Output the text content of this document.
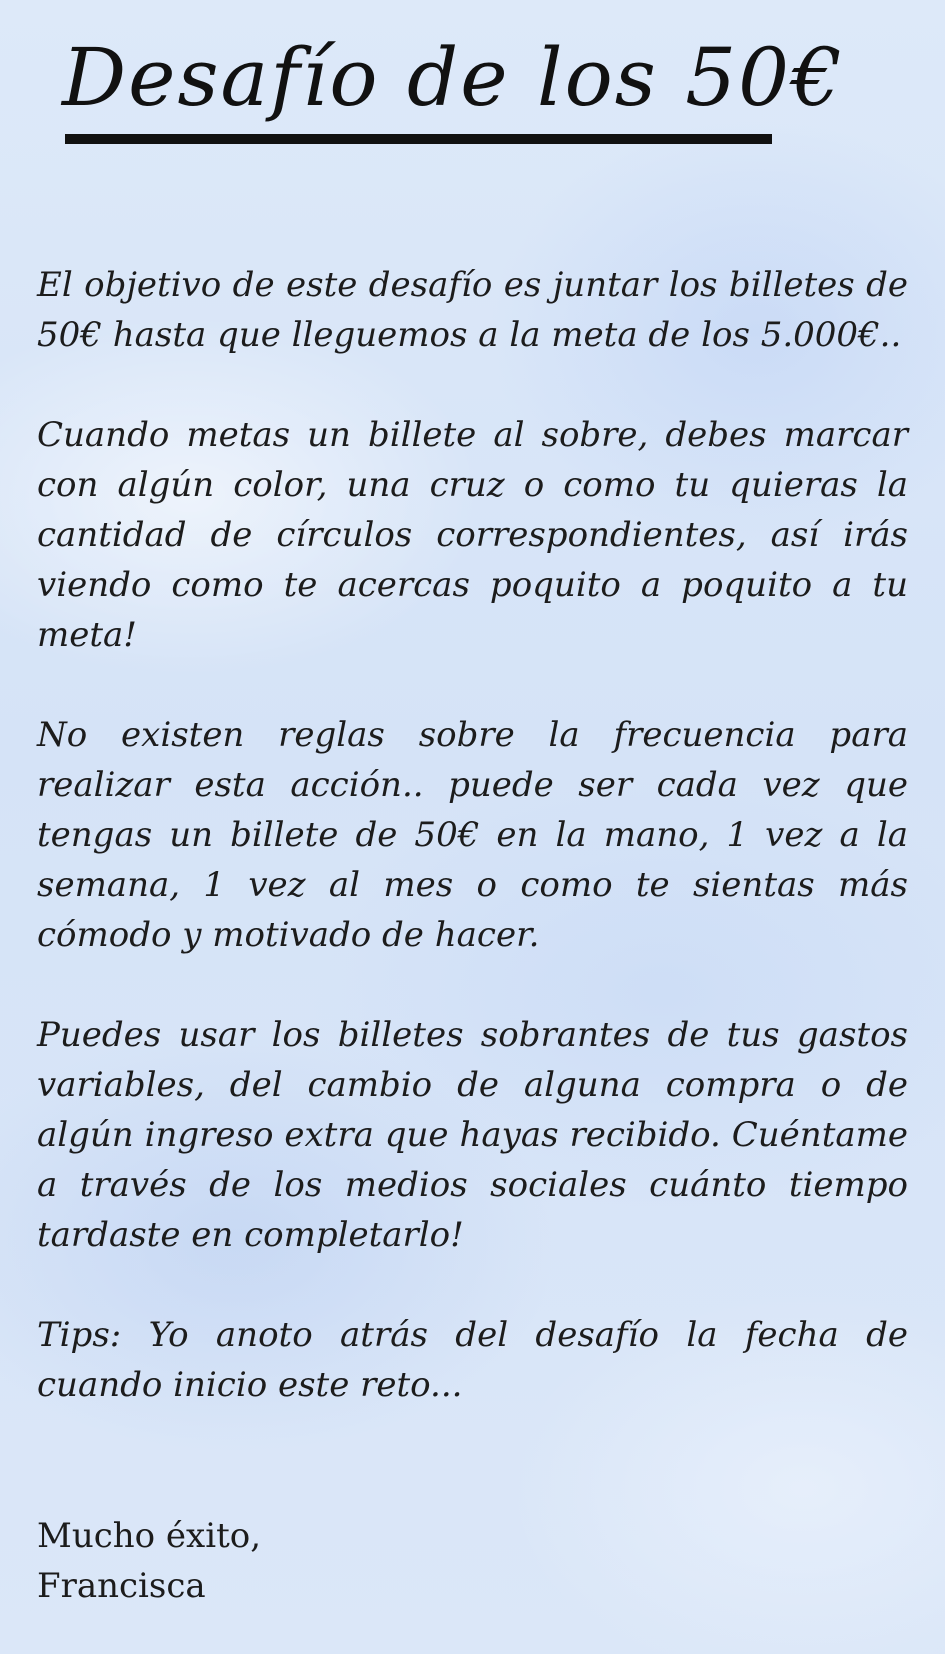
Desafío de los 50€

El objetivo de este desafío es juntar los billetes de 50€ hasta que lleguemos a la meta de los 5.000€..

Cuando metas un billete al sobre, debes marcar con algún color, una cruz o como tu quieras la cantidad de círculos correspondientes, así irás viendo como te acercas poquito a poquito a tu meta!

No existen reglas sobre la frecuencia para realizar esta acción.. puede ser cada vez que tengas un billete de 50€ en la mano, 1 vez a la semana, 1 vez al mes o como te sientas más cómodo y motivado de hacer.

Puedes usar los billetes sobrantes de tus gastos variables, del cambio de alguna compra o de algún ingreso extra que hayas recibido. Cuéntame a través de los medios sociales cuánto tiempo tardaste en completarlo!

Tips: Yo anoto atrás del desafío la fecha de cuando inicio este reto...

Mucho éxito,
Francisca
